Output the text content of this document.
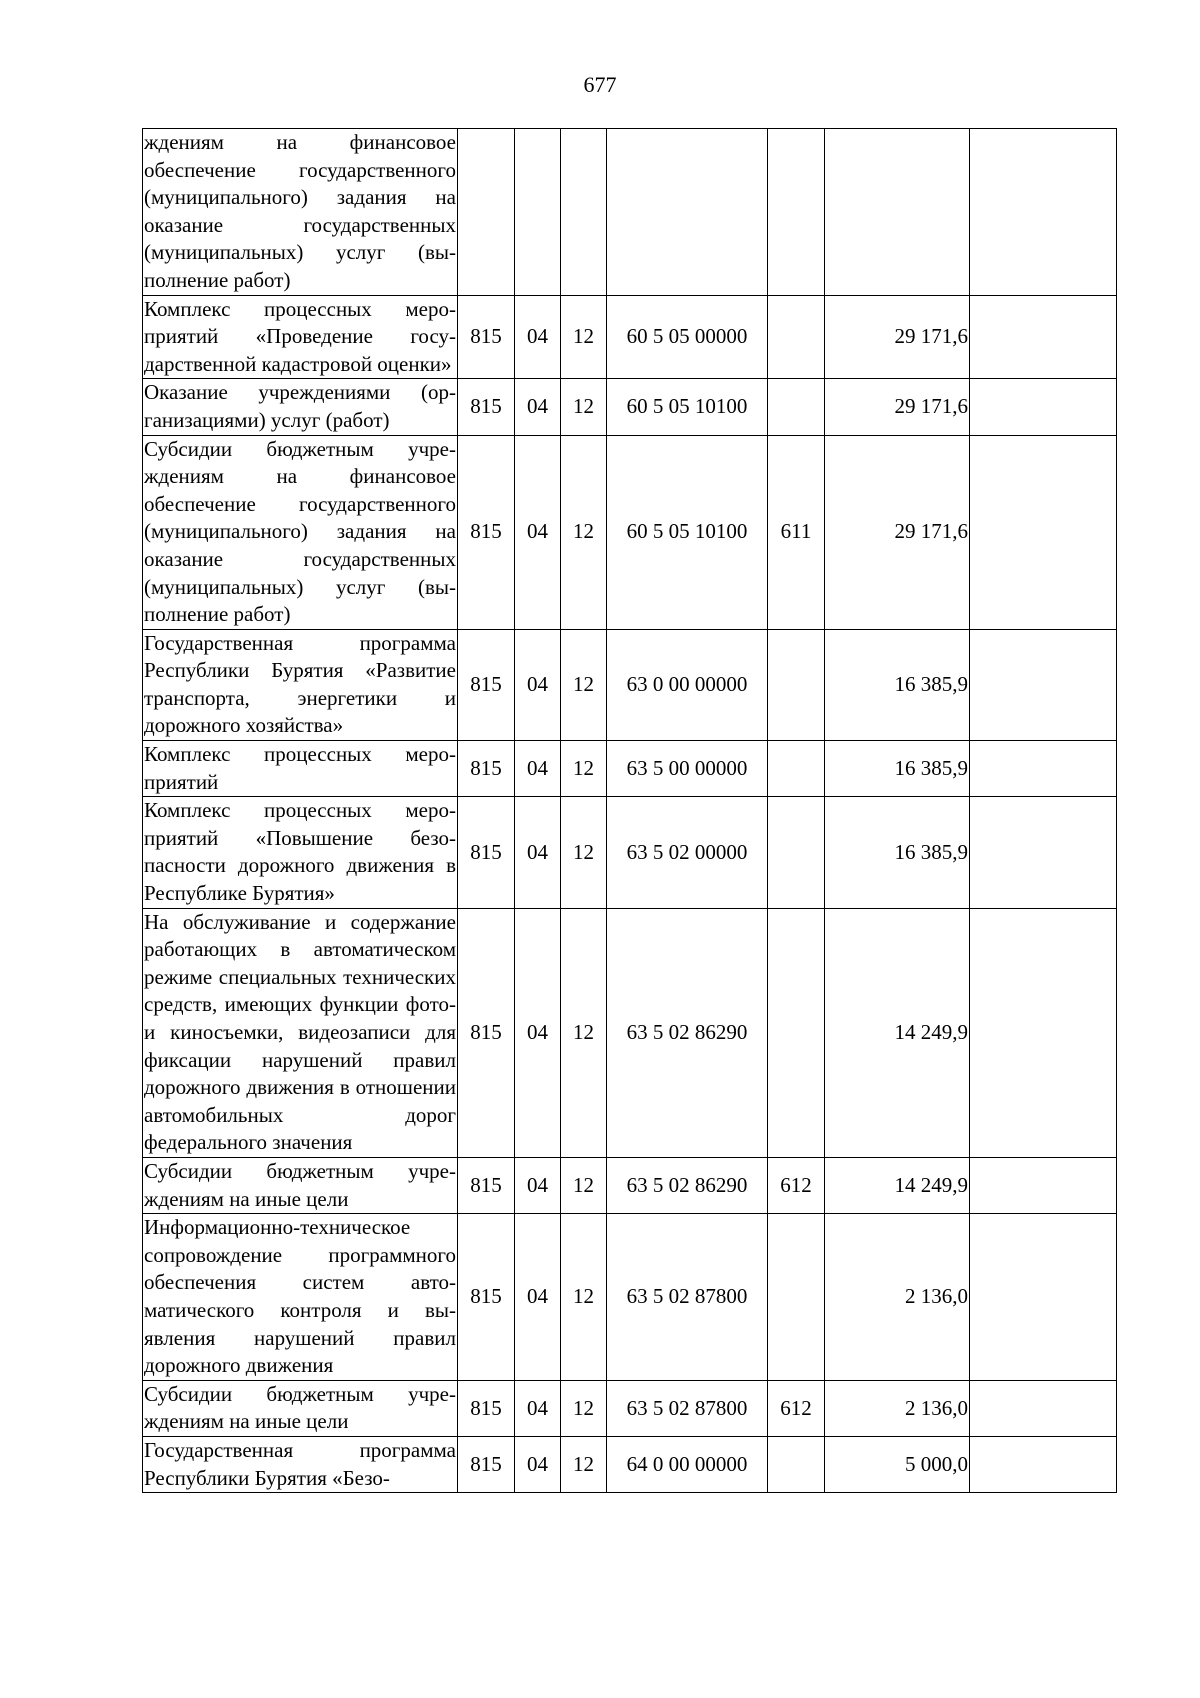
677
ждениям на финансовое обеспечение государственного (муниципального) задания на оказание государственных (муниципальных) услуг (выполнение работ)							
Комплекс процессных мероприятий «Проведение государственной кадастровой оценки»	815	04	12	60 5 05 00000		29 171,6	
Оказание учреждениями (организациями) услуг (работ)	815	04	12	60 5 05 10100		29 171,6	
Субсидии бюджетным учреждениям на финансовое обеспечение государственного (муниципального) задания на оказание государственных (муниципальных) услуг (выполнение работ)	815	04	12	60 5 05 10100	611	29 171,6	
Государственная программа Республики Бурятия «Развитие транспорта, энергетики и дорожного хозяйства»	815	04	12	63 0 00 00000		16 385,9	
Комплекс процессных мероприятий	815	04	12	63 5 00 00000		16 385,9	
Комплекс процессных мероприятий «Повышение безопасности дорожного движения в Республике Бурятия»	815	04	12	63 5 02 00000		16 385,9	
На обслуживание и содержание работающих в автоматическом режиме специальных технических средств, имеющих функции фото- и киносъемки, видеозаписи для фиксации нарушений правил дорожного движения в отношении автомобильных дорог федерального значения	815	04	12	63 5 02 86290		14 249,9	
Субсидии бюджетным учреждениям на иные цели	815	04	12	63 5 02 86290	612	14 249,9	
Информационно-техническое сопровождение программного обеспечения систем автоматического контроля и выявления нарушений правил дорожного движения	815	04	12	63 5 02 87800		2 136,0	
Субсидии бюджетным учреждениям на иные цели	815	04	12	63 5 02 87800	612	2 136,0	
Государственная программа Республики Бурятия «Безо-	815	04	12	64 0 00 00000		5 000,0	
